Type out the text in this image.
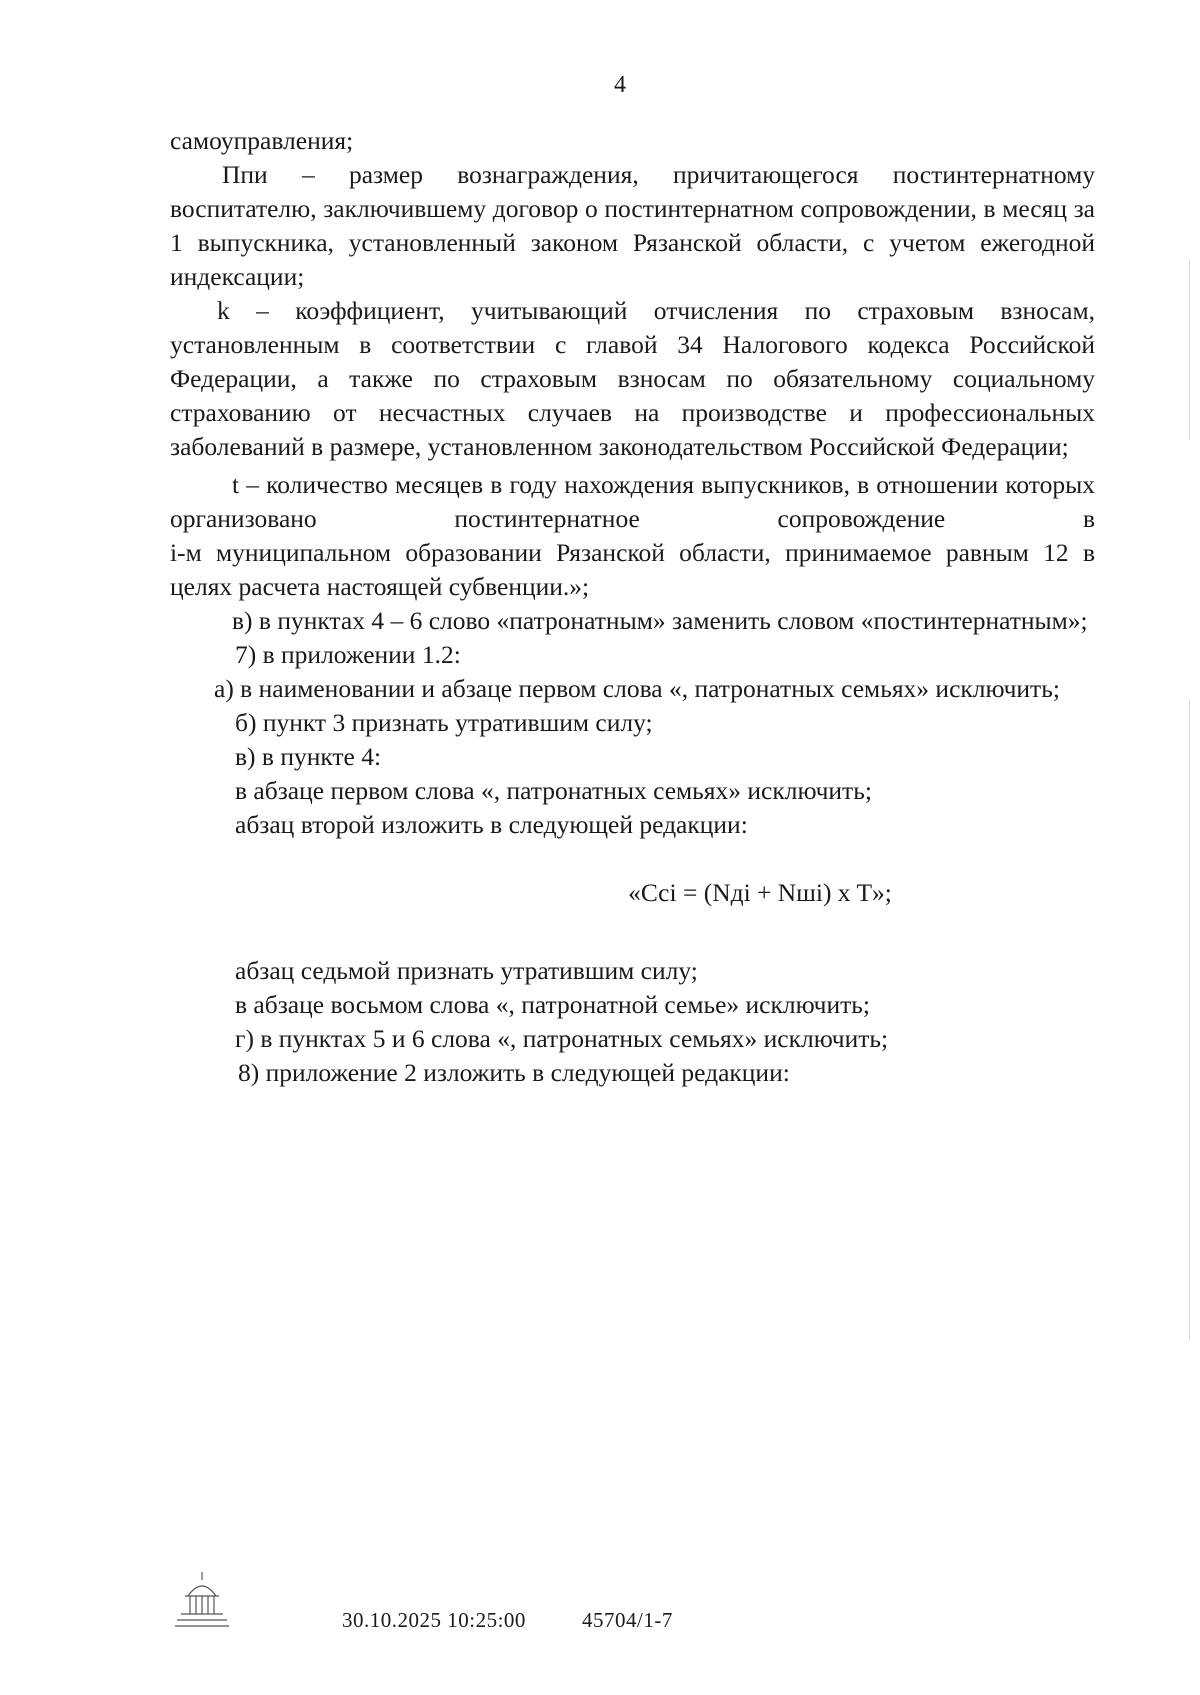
4

самоуправления;

Ппи – размер вознаграждения, причитающегося постинтернатному воспитателю, заключившему договор о постинтернатном сопровождении, в месяц за 1 выпускника, установленный законом Рязанской области, с учетом ежегодной индексации;

k – коэффициент, учитывающий отчисления по страховым взносам, установленным в соответствии с главой 34 Налогового кодекса Российской Федерации, а также по страховым взносам по обязательному социальному страхованию от несчастных случаев на производстве и профессиональных заболеваний в размере, установленном законодательством Российской Федерации;

t – количество месяцев в году нахождения выпускников, в отношении которых организовано постинтернатное сопровождение в

i-м муниципальном образовании Рязанской области, принимаемое равным 12 в целях расчета настоящей субвенции.»;

в) в пунктах 4 – 6 слово «патронатным» заменить словом «постинтернатным»;

7) в приложении 1.2:

а) в наименовании и абзаце первом слова «, патронатных семьях» исключить;

б) пункт 3 признать утратившим силу;

в) в пункте 4:

в абзаце первом слова «, патронатных семьях» исключить;

абзац второй изложить в следующей редакции:

«Ссi = (Nдi + Nшi) x T»;

абзац седьмой признать утратившим силу;

в абзаце восьмом слова «, патронатной семье» исключить;

г) в пунктах 5 и 6 слова «, патронатных семьях» исключить;

8) приложение 2 изложить в следующей редакции:

30.10.2025 10:25:00	45704/1-7
